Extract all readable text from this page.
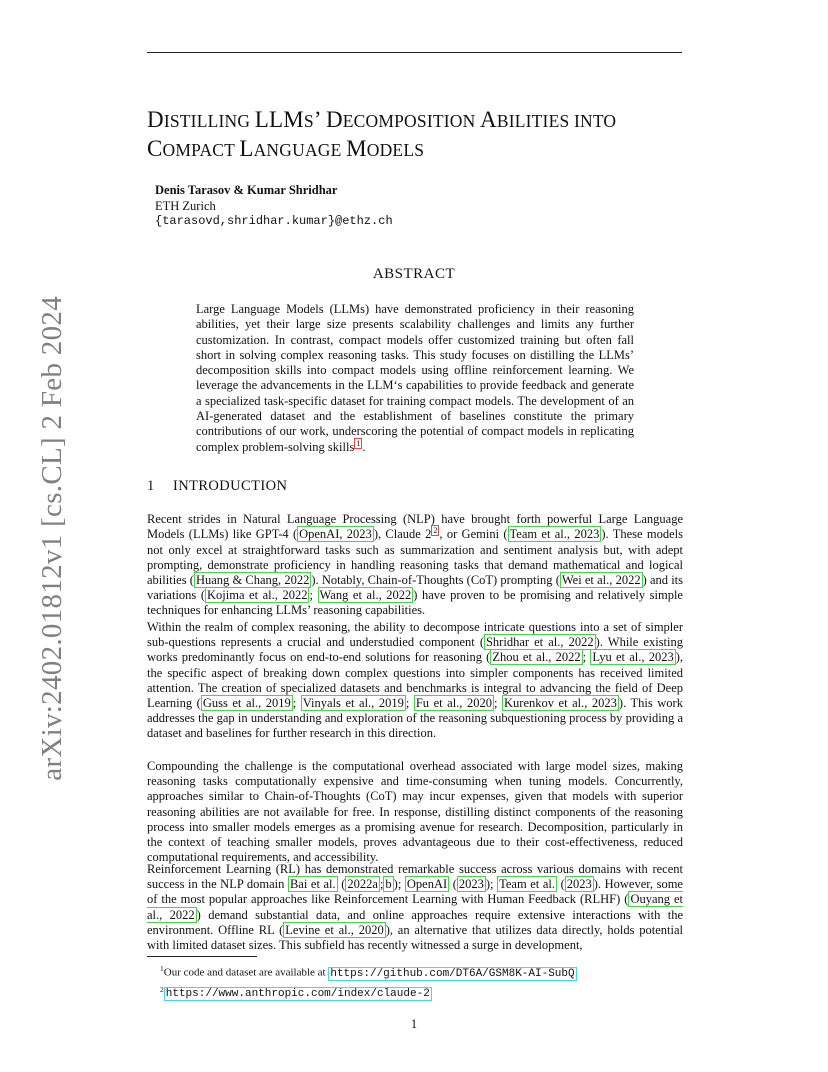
arXiv:2402.01812v1 [cs.CL] 2 Feb 2024
DISTILLING LLMS’ DECOMPOSITION ABILITIES INTO
COMPACT LANGUAGE MODELS
Denis Tarasov & Kumar Shridhar
ETH Zurich
{tarasovd,shridhar.kumar}@ethz.ch
ABSTRACT
Large Language Models (LLMs) have demonstrated proficiency in their reasoning abilities, yet their large size presents scalability challenges and limits any further customization. In contrast, compact models offer customized training but often fall short in solving complex reasoning tasks. This study focuses on distilling the LLMs’ decomposition skills into compact models using offline reinforcement learning. We leverage the advancements in the LLM‘s capabilities to provide feedback and generate a specialized task-specific dataset for training compact models. The development of an AI-generated dataset and the establishment of baselines constitute the primary contributions of our work, underscoring the potential of compact models in replicating complex problem-solving skills $^1$ .
1 INTRODUCTION
Recent strides in Natural Language Processing (NLP) have brought forth powerful Large Language Models (LLMs) like GPT-4 ( OpenAI, 2023 ), Claude 2 $^2$ , or Gemini ( Team et al., 2023 ). These models not only excel at straightforward tasks such as summarization and sentiment analysis but, with adept prompting, demonstrate proficiency in handling reasoning tasks that demand mathematical and logical abilities ( Huang & Chang, 2022 ). Notably, Chain-of-Thoughts (CoT) prompting ( Wei et al., 2022 ) and its variations ( Kojima et al., 2022 ; Wang et al., 2022 ) have proven to be promising and relatively simple techniques for enhancing LLMs’ reasoning capabilities.
Within the realm of complex reasoning, the ability to decompose intricate questions into a set of simpler sub-questions represents a crucial and understudied component ( Shridhar et al., 2022 ). While existing works predominantly focus on end-to-end solutions for reasoning ( Zhou et al., 2022 ; Lyu et al., 2023 ), the specific aspect of breaking down complex questions into simpler components has received limited attention. The creation of specialized datasets and benchmarks is integral to advancing the field of Deep Learning ( Guss et al., 2019 ; Vinyals et al., 2019 ; Fu et al., 2020 ; Kurenkov et al., 2023 ). This work addresses the gap in understanding and exploration of the reasoning subquestioning process by providing a dataset and baselines for further research in this direction.
Compounding the challenge is the computational overhead associated with large model sizes, making reasoning tasks computationally expensive and time-consuming when tuning models. Concurrently, approaches similar to Chain-of-Thoughts (CoT) may incur expenses, given that models with superior reasoning abilities are not available for free. In response, distilling distinct components of the reasoning process into smaller models emerges as a promising avenue for research. Decomposition, particularly in the context of teaching smaller models, proves advantageous due to their cost-effectiveness, reduced computational requirements, and accessibility.
Reinforcement Learning (RL) has demonstrated remarkable success across various domains with recent success in the NLP domain Bai et al. ( 2022a ; b ); OpenAI ( 2023 ); Team et al. ( 2023 ). However, some of the most popular approaches like Reinforcement Learning with Human Feedback (RLHF) ( Ouyang et al., 2022 ) demand substantial data, and online approaches require extensive interactions with the environment. Offline RL ( Levine et al., 2020 ), an alternative that utilizes data directly, holds potential with limited dataset sizes. This subfield has recently witnessed a surge in development,
$^1$Our code and dataset are available at https://github.com/DT6A/GSM8K-AI-SubQ
$^2$ https://www.anthropic.com/index/claude-2
1
